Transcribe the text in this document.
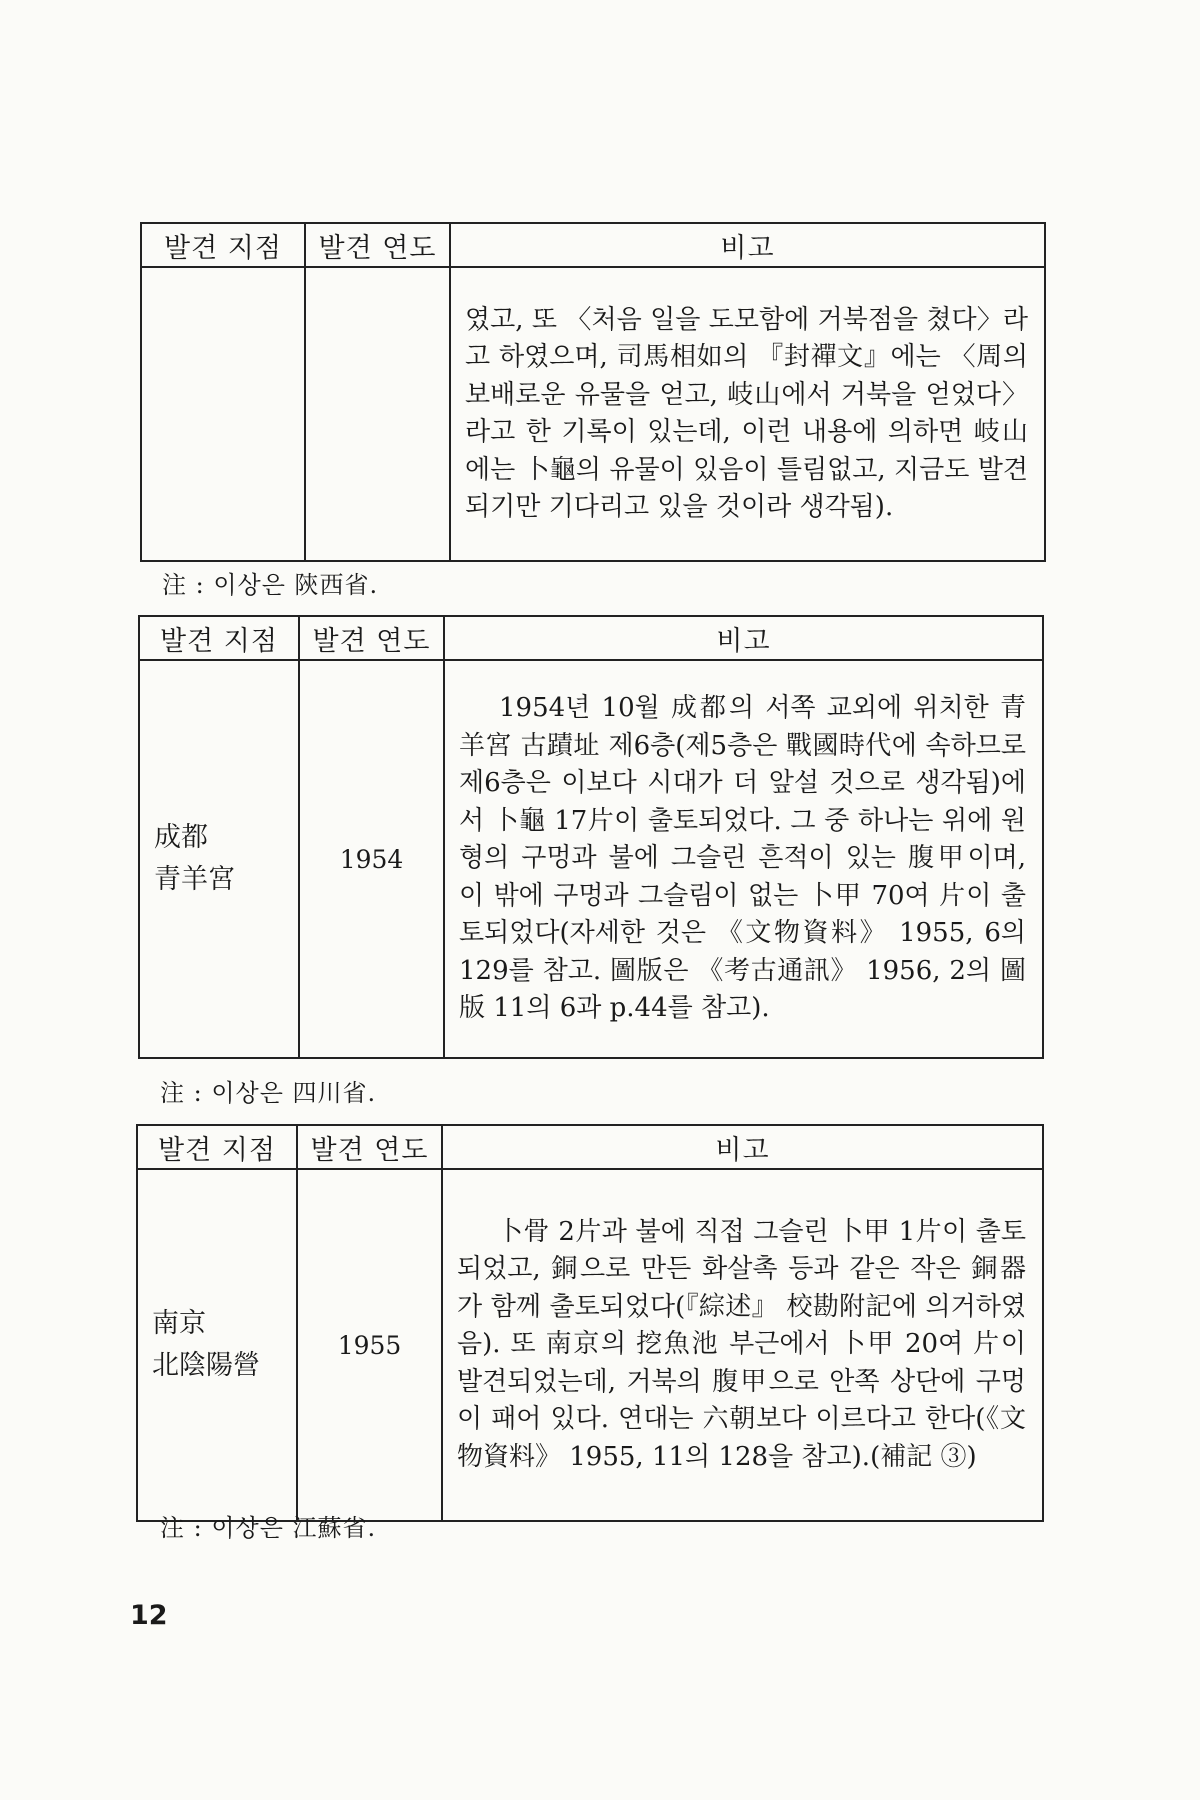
발견 지점	발견 연도	비고

		였고, 또 〈처음 일을 도모함에 거북점을 쳤다〉라고 하였으며, 司馬相如의 『封禪文』에는 〈周의 보배로운 유물을 얻고, 岐山에서 거북을 얻었다〉라고 한 기록이 있는데, 이런 내용에 의하면 岐山에는 卜龜의 유물이 있음이 틀림없고, 지금도 발견되기만 기다리고 있을 것이라 생각됨).
注 : 이상은 陝西省.
발견 지점	발견 연도	비고

成都
青羊宮	1954	1954년 10월 成都의 서쪽 교외에 위치한 青羊宮 古蹟址 제6층(제5층은 戰國時代에 속하므로 제6층은 이보다 시대가 더 앞설 것으로 생각됨)에서 卜龜 17片이 출토되었다. 그 중 하나는 위에 원형의 구멍과 불에 그슬린 흔적이 있는 腹甲이며, 이 밖에 구멍과 그슬림이 없는 卜甲 70여 片이 출토되었다(자세한 것은 《文物資料》 1955, 6의 129를 참고. 圖版은 《考古通訊》 1956, 2의 圖版 11의 6과 p.44를 참고).
注 : 이상은 四川省.
발견 지점	발견 연도	비고

南京
北陰陽營	1955	卜骨 2片과 불에 직접 그슬린 卜甲 1片이 출토되었고, 銅으로 만든 화살촉 등과 같은 작은 銅器가 함께 출토되었다(『綜述』 校勘附記에 의거하였음). 또 南京의 挖魚池 부근에서 卜甲 20여 片이 발견되었는데, 거북의 腹甲으로 안쪽 상단에 구멍이 패어 있다. 연대는 六朝보다 이르다고 한다(《文物資料》 1955, 11의 128을 참고).(補記 ③)
注 : 이상은 江蘇省.
12
